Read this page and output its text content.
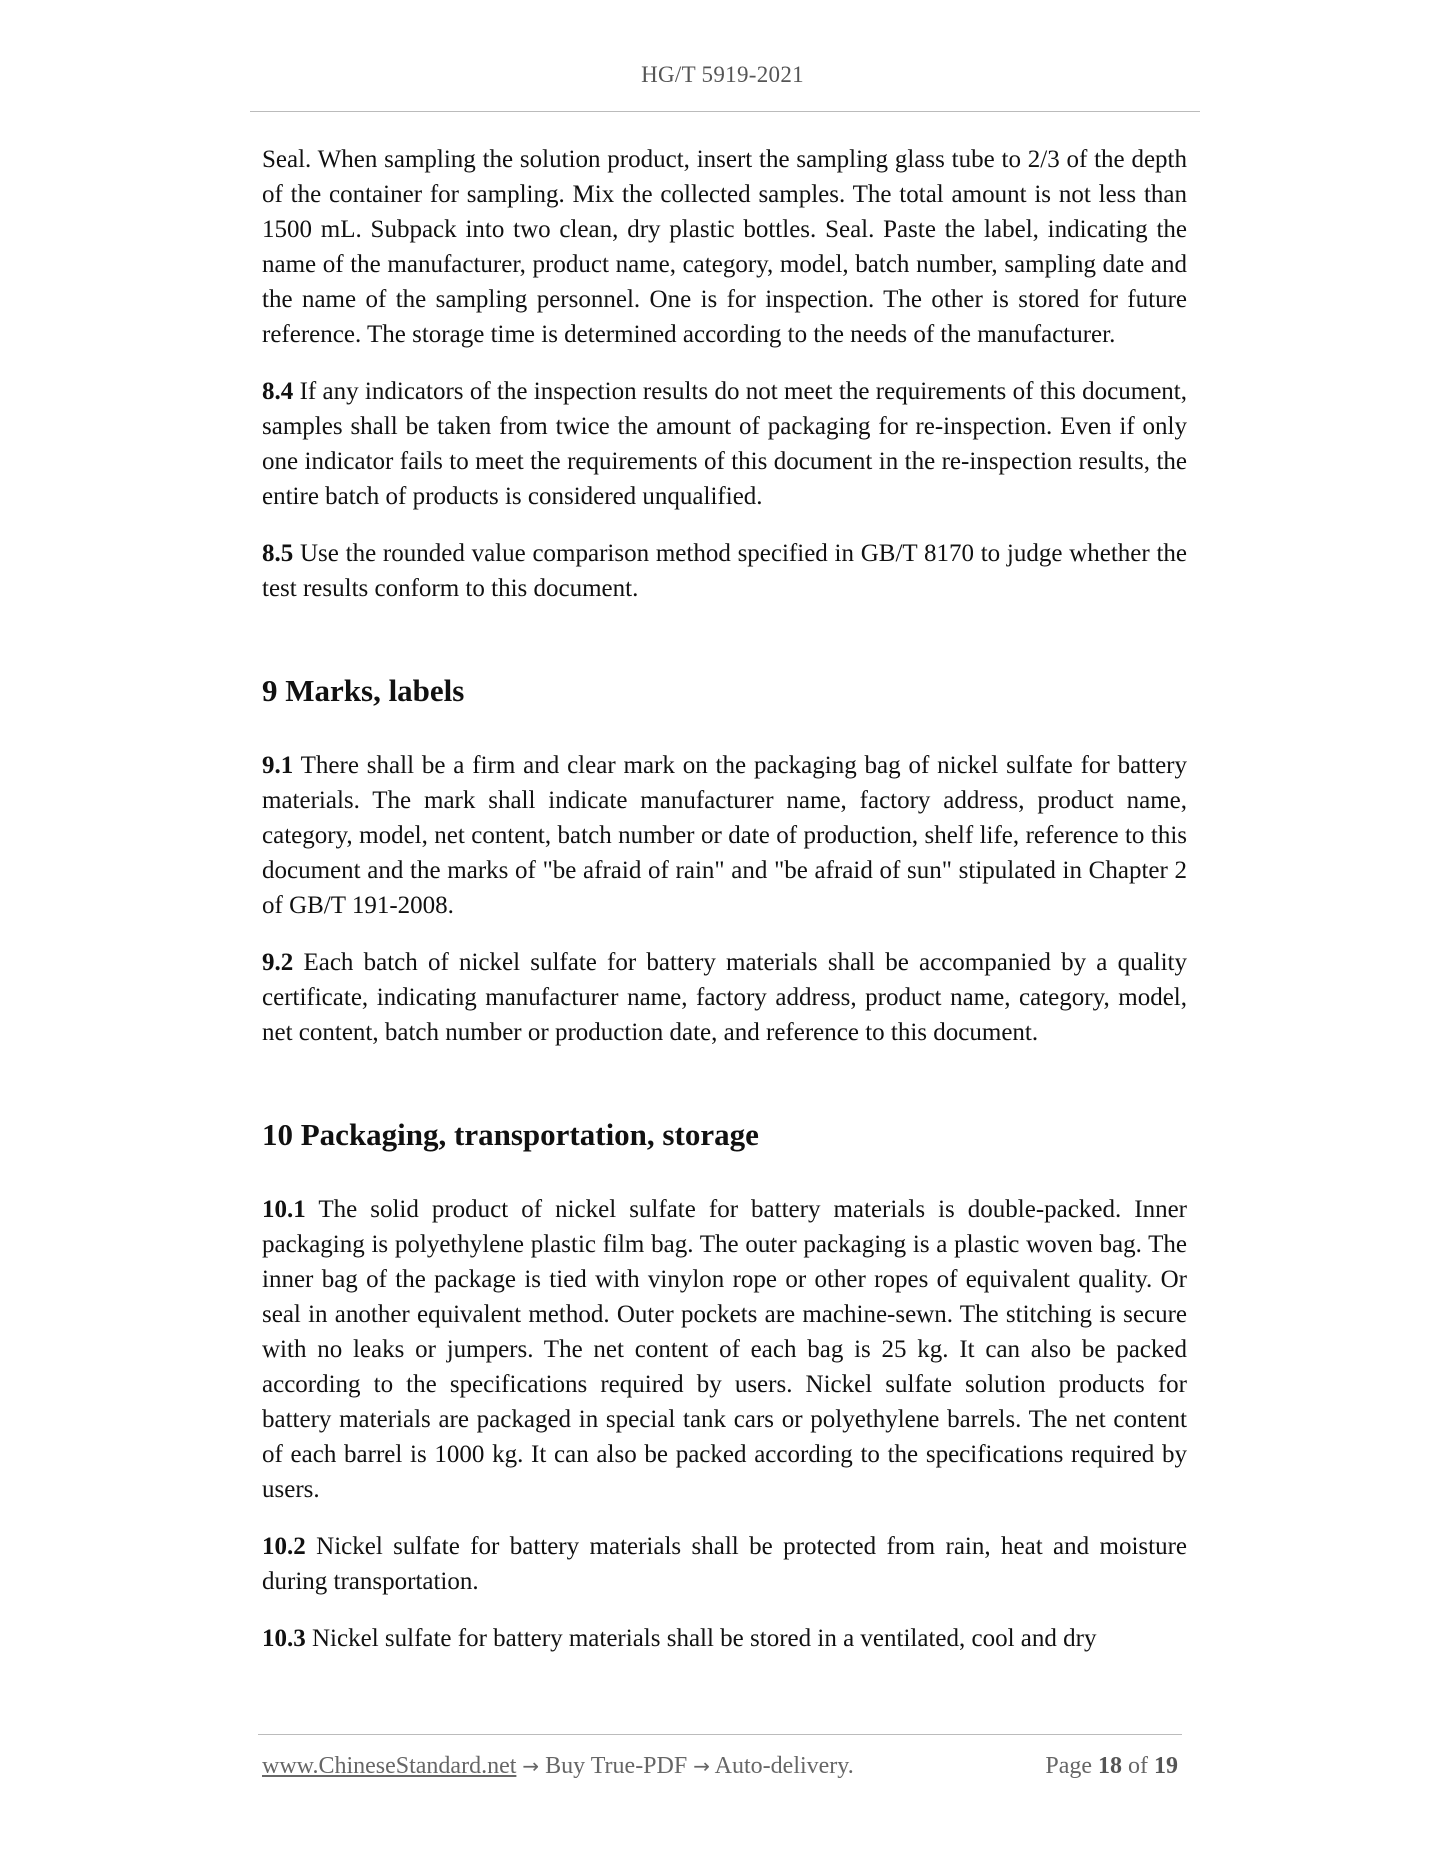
HG/T 5919-2021

Seal. When sampling the solution product, insert the sampling glass tube to 2/3 of the depth of the container for sampling. Mix the collected samples. The total amount is not less than 1500 mL. Subpack into two clean, dry plastic bottles. Seal. Paste the label, indicating the name of the manufacturer, product name, category, model, batch number, sampling date and the name of the sampling personnel. One is for inspection. The other is stored for future reference. The storage time is determined according to the needs of the manufacturer.

8.4 If any indicators of the inspection results do not meet the requirements of this document, samples shall be taken from twice the amount of packaging for re-inspection. Even if only one indicator fails to meet the requirements of this document in the re-inspection results, the entire batch of products is considered unqualified.

8.5 Use the rounded value comparison method specified in GB/T 8170 to judge whether the test results conform to this document.

9 Marks, labels

9.1 There shall be a firm and clear mark on the packaging bag of nickel sulfate for battery materials. The mark shall indicate manufacturer name, factory address, product name, category, model, net content, batch number or date of production, shelf life, reference to this document and the marks of "be afraid of rain" and "be afraid of sun" stipulated in Chapter 2 of GB/T 191-2008.

9.2 Each batch of nickel sulfate for battery materials shall be accompanied by a quality certificate, indicating manufacturer name, factory address, product name, category, model, net content, batch number or production date, and reference to this document.

10 Packaging, transportation, storage

10.1 The solid product of nickel sulfate for battery materials is double-packed. Inner packaging is polyethylene plastic film bag. The outer packaging is a plastic woven bag. The inner bag of the package is tied with vinylon rope or other ropes of equivalent quality. Or seal in another equivalent method. Outer pockets are machine-sewn. The stitching is secure with no leaks or jumpers. The net content of each bag is 25 kg. It can also be packed according to the specifications required by users. Nickel sulfate solution products for battery materials are packaged in special tank cars or polyethylene barrels. The net content of each barrel is 1000 kg. It can also be packed according to the specifications required by users.

10.2 Nickel sulfate for battery materials shall be protected from rain, heat and moisture during transportation.

10.3 Nickel sulfate for battery materials shall be stored in a ventilated, cool and dry

www.ChineseStandard.net → Buy True-PDF → Auto-delivery.	Page 18 of 19
